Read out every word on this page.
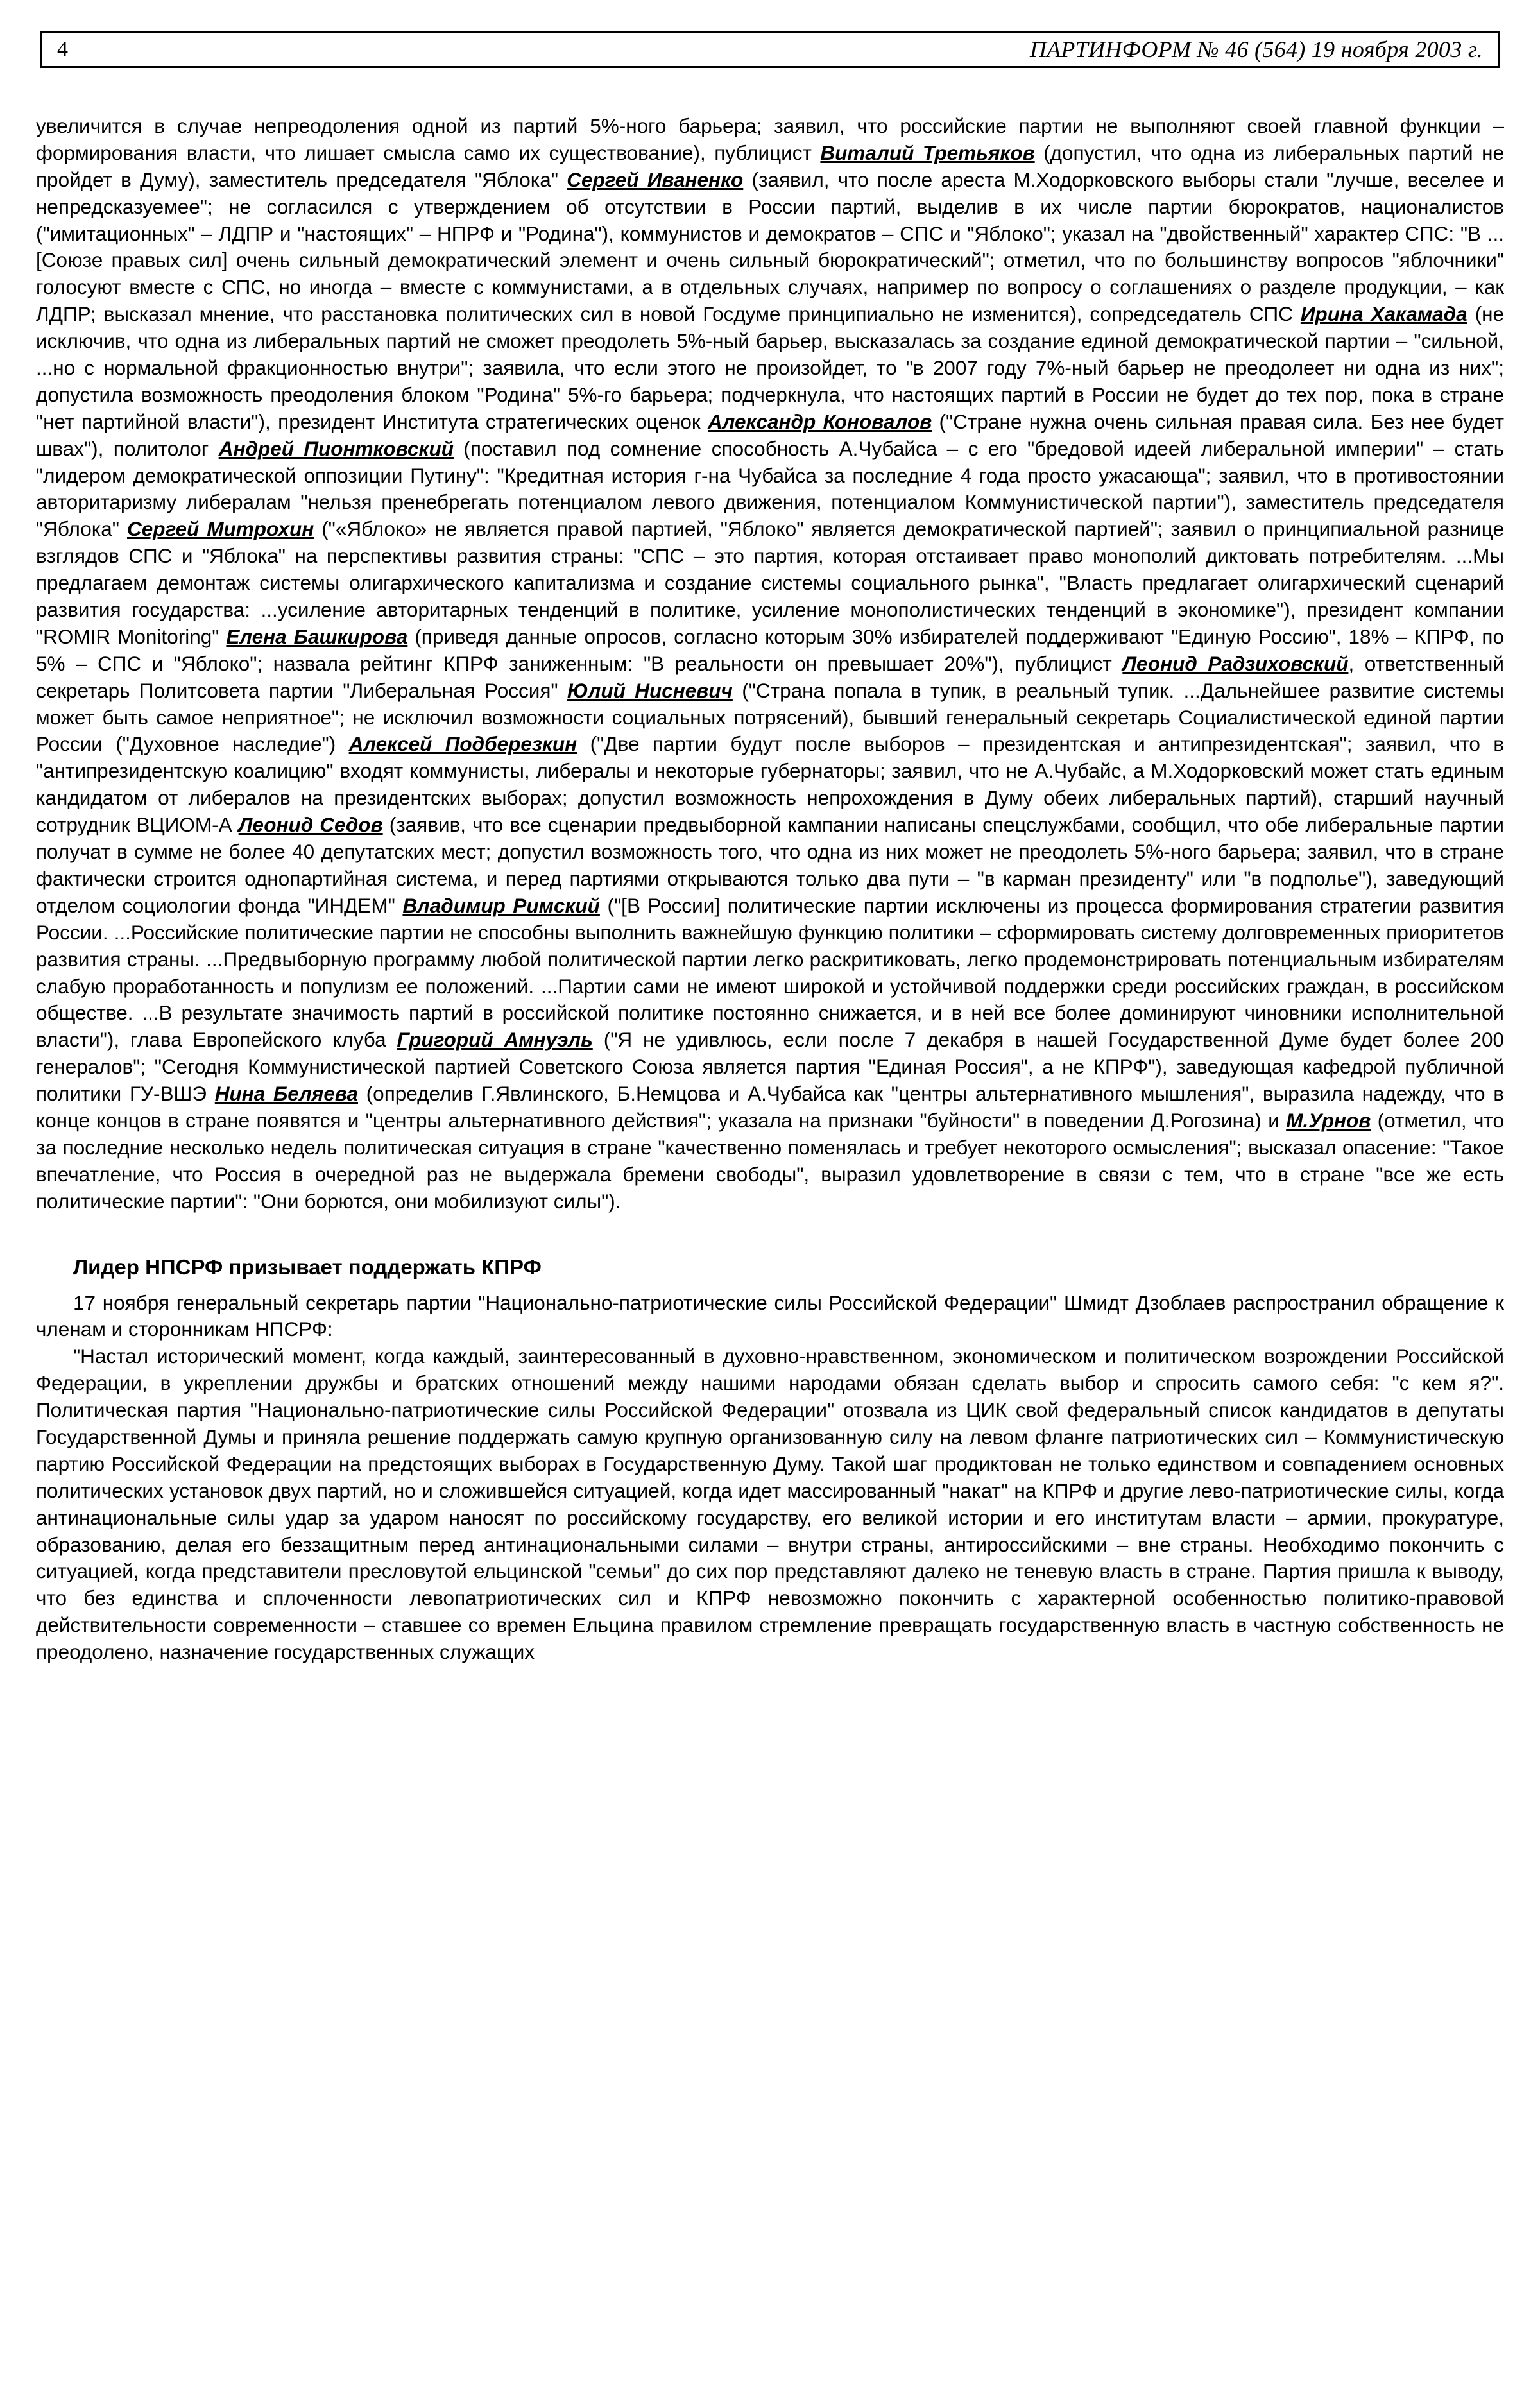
4	ПАРТИНФОРМ № 46 (564) 19 ноября 2003 г.

увеличится в случае непреодоления одной из партий 5%-ного барьера; заявил, что российские партии не выполняют своей главной функции – формирования власти, что лишает смысла само их существование), публицист Виталий Третьяков (допустил, что одна из либеральных партий не пройдет в Думу), заместитель председателя "Яблока" Сергей Иваненко (заявил, что после ареста М.Ходорковского выборы стали "лучше, веселее и непредсказуемее"; не согласился с утверждением об отсутствии в России партий, выделив в их числе партии бюрократов, националистов ("имитационных" – ЛДПР и "настоящих" – НПРФ и "Родина"), коммунистов и демократов – СПС и "Яблоко"; указал на "двойственный" характер СПС: "В ...[Союзе правых сил] очень сильный демократический элемент и очень сильный бюрократический"; отметил, что по большинству вопросов "яблочники" голосуют вместе с СПС, но иногда – вместе с коммунистами, а в отдельных случаях, например по вопросу о соглашениях о разделе продукции, – как ЛДПР; высказал мнение, что расстановка политических сил в новой Госдуме принципиально не изменится), сопредседатель СПС Ирина Хакамада (не исключив, что одна из либеральных партий не сможет преодолеть 5%-ный барьер, высказалась за создание единой демократической партии – "сильной, ...но с нормальной фракционностью внутри"; заявила, что если этого не произойдет, то "в 2007 году 7%-ный барьер не преодолеет ни одна из них"; допустила возможность преодоления блоком "Родина" 5%-го барьера; подчеркнула, что настоящих партий в России не будет до тех пор, пока в стране "нет партийной власти"), президент Института стратегических оценок Александр Коновалов ("Стране нужна очень сильная правая сила. Без нее будет швах"), политолог Андрей Пионтковский (поставил под сомнение способность А.Чубайса – с его "бредовой идеей либеральной империи" – стать "лидером демократической оппозиции Путину": "Кредитная история г-на Чубайса за последние 4 года просто ужасающа"; заявил, что в противостоянии авторитаризму либералам "нельзя пренебрегать потенциалом левого движения, потенциалом Коммунистической партии"), заместитель председателя "Яблока" Сергей Митрохин ("«Яблоко» не является правой партией, "Яблоко" является демократической партией"; заявил о принципиальной разнице взглядов СПС и "Яблока" на перспективы развития страны: "СПС – это партия, которая отстаивает право монополий диктовать потребителям. ...Мы предлагаем демонтаж системы олигархического капитализма и создание системы социального рынка", "Власть предлагает олигархический сценарий развития государства: ...усиление авторитарных тенденций в политике, усиление монополистических тенденций в экономике"), президент компании "ROMIR Monitoring" Елена Башкирова (приведя данные опросов, согласно которым 30% избирателей поддерживают "Единую Россию", 18% – КПРФ, по 5% – СПС и "Яблоко"; назвала рейтинг КПРФ заниженным: "В реальности он превышает 20%"), публицист Леонид Радзиховский, ответственный секретарь Политсовета партии "Либеральная Россия" Юлий Нисневич ("Страна попала в тупик, в реальный тупик. ...Дальнейшее развитие системы может быть самое неприятное"; не исключил возможности социальных потрясений), бывший генеральный секретарь Социалистической единой партии России ("Духовное наследие") Алексей Подберезкин ("Две партии будут после выборов – президентская и антипрезидентская"; заявил, что в "антипрезидентскую коалицию" входят коммунисты, либералы и некоторые губернаторы; заявил, что не А.Чубайс, а М.Ходорковский может стать единым кандидатом от либералов на президентских выборах; допустил возможность непрохождения в Думу обеих либеральных партий), старший научный сотрудник ВЦИОМ-А Леонид Седов (заявив, что все сценарии предвыборной кампании написаны спецслужбами, сообщил, что обе либеральные партии получат в сумме не более 40 депутатских мест; допустил возможность того, что одна из них может не преодолеть 5%-ного барьера; заявил, что в стране фактически строится однопартийная система, и перед партиями открываются только два пути – "в карман президенту" или "в подполье"), заведующий отделом социологии фонда "ИНДЕМ" Владимир Римский ("[В России] политические партии исключены из процесса формирования стратегии развития России. ...Российские политические партии не способны выполнить важнейшую функцию политики – сформировать систему долговременных приоритетов развития страны. ...Предвыборную программу любой политической партии легко раскритиковать, легко продемонстрировать потенциальным избирателям слабую проработанность и популизм ее положений. ...Партии сами не имеют широкой и устойчивой поддержки среди российских граждан, в российском обществе. ...В результате значимость партий в российской политике постоянно снижается, и в ней все более доминируют чиновники исполнительной власти"), глава Европейского клуба Григорий Амнуэль ("Я не удивлюсь, если после 7 декабря в нашей Государственной Думе будет более 200 генералов"; "Сегодня Коммунистической партией Советского Союза является партия "Единая Россия", а не КПРФ"), заведующая кафедрой публичной политики ГУ-ВШЭ Нина Беляева (определив Г.Явлинского, Б.Немцова и А.Чубайса как "центры альтернативного мышления", выразила надежду, что в конце концов в стране появятся и "центры альтернативного действия"; указала на признаки "буйности" в поведении Д.Рогозина) и М.Урнов (отметил, что за последние несколько недель политическая ситуация в стране "качественно поменялась и требует некоторого осмысления"; высказал опасение: "Такое впечатление, что Россия в очередной раз не выдержала бремени свободы", выразил удовлетворение в связи с тем, что в стране "все же есть политические партии": "Они борются, они мобилизуют силы").

Лидер НПСРФ призывает поддержать КПРФ

17 ноября генеральный секретарь партии "Национально-патриотические силы Российской Федерации" Шмидт Дзоблаев распространил обращение к членам и сторонникам НПСРФ:

"Настал исторический момент, когда каждый, заинтересованный в духовно-нравственном, экономическом и политическом возрождении Российской Федерации, в укреплении дружбы и братских отношений между нашими народами обязан сделать выбор и спросить самого себя: "с кем я?". Политическая партия "Национально-патриотические силы Российской Федерации" отозвала из ЦИК свой федеральный список кандидатов в депутаты Государственной Думы и приняла решение поддержать самую крупную организованную силу на левом фланге патриотических сил – Коммунистическую партию Российской Федерации на предстоящих выборах в Государственную Думу. Такой шаг продиктован не только единством и совпадением основных политических установок двух партий, но и сложившейся ситуацией, когда идет массированный "накат" на КПРФ и другие лево-патриотические силы, когда антинациональные силы удар за ударом наносят по российскому государству, его великой истории и его институтам власти – армии, прокуратуре, образованию, делая его беззащитным перед антинациональными силами – внутри страны, антироссийскими – вне страны. Необходимо покончить с ситуацией, когда представители пресловутой ельцинской "семьи" до сих пор представляют далеко не теневую власть в стране. Партия пришла к выводу, что без единства и сплоченности левопатриотических сил и КПРФ невозможно покончить с характерной особенностью политико-правовой действительности современности – ставшее со времен Ельцина правилом стремление превращать государственную власть в частную собственность не преодолено, назначение государственных служащих
